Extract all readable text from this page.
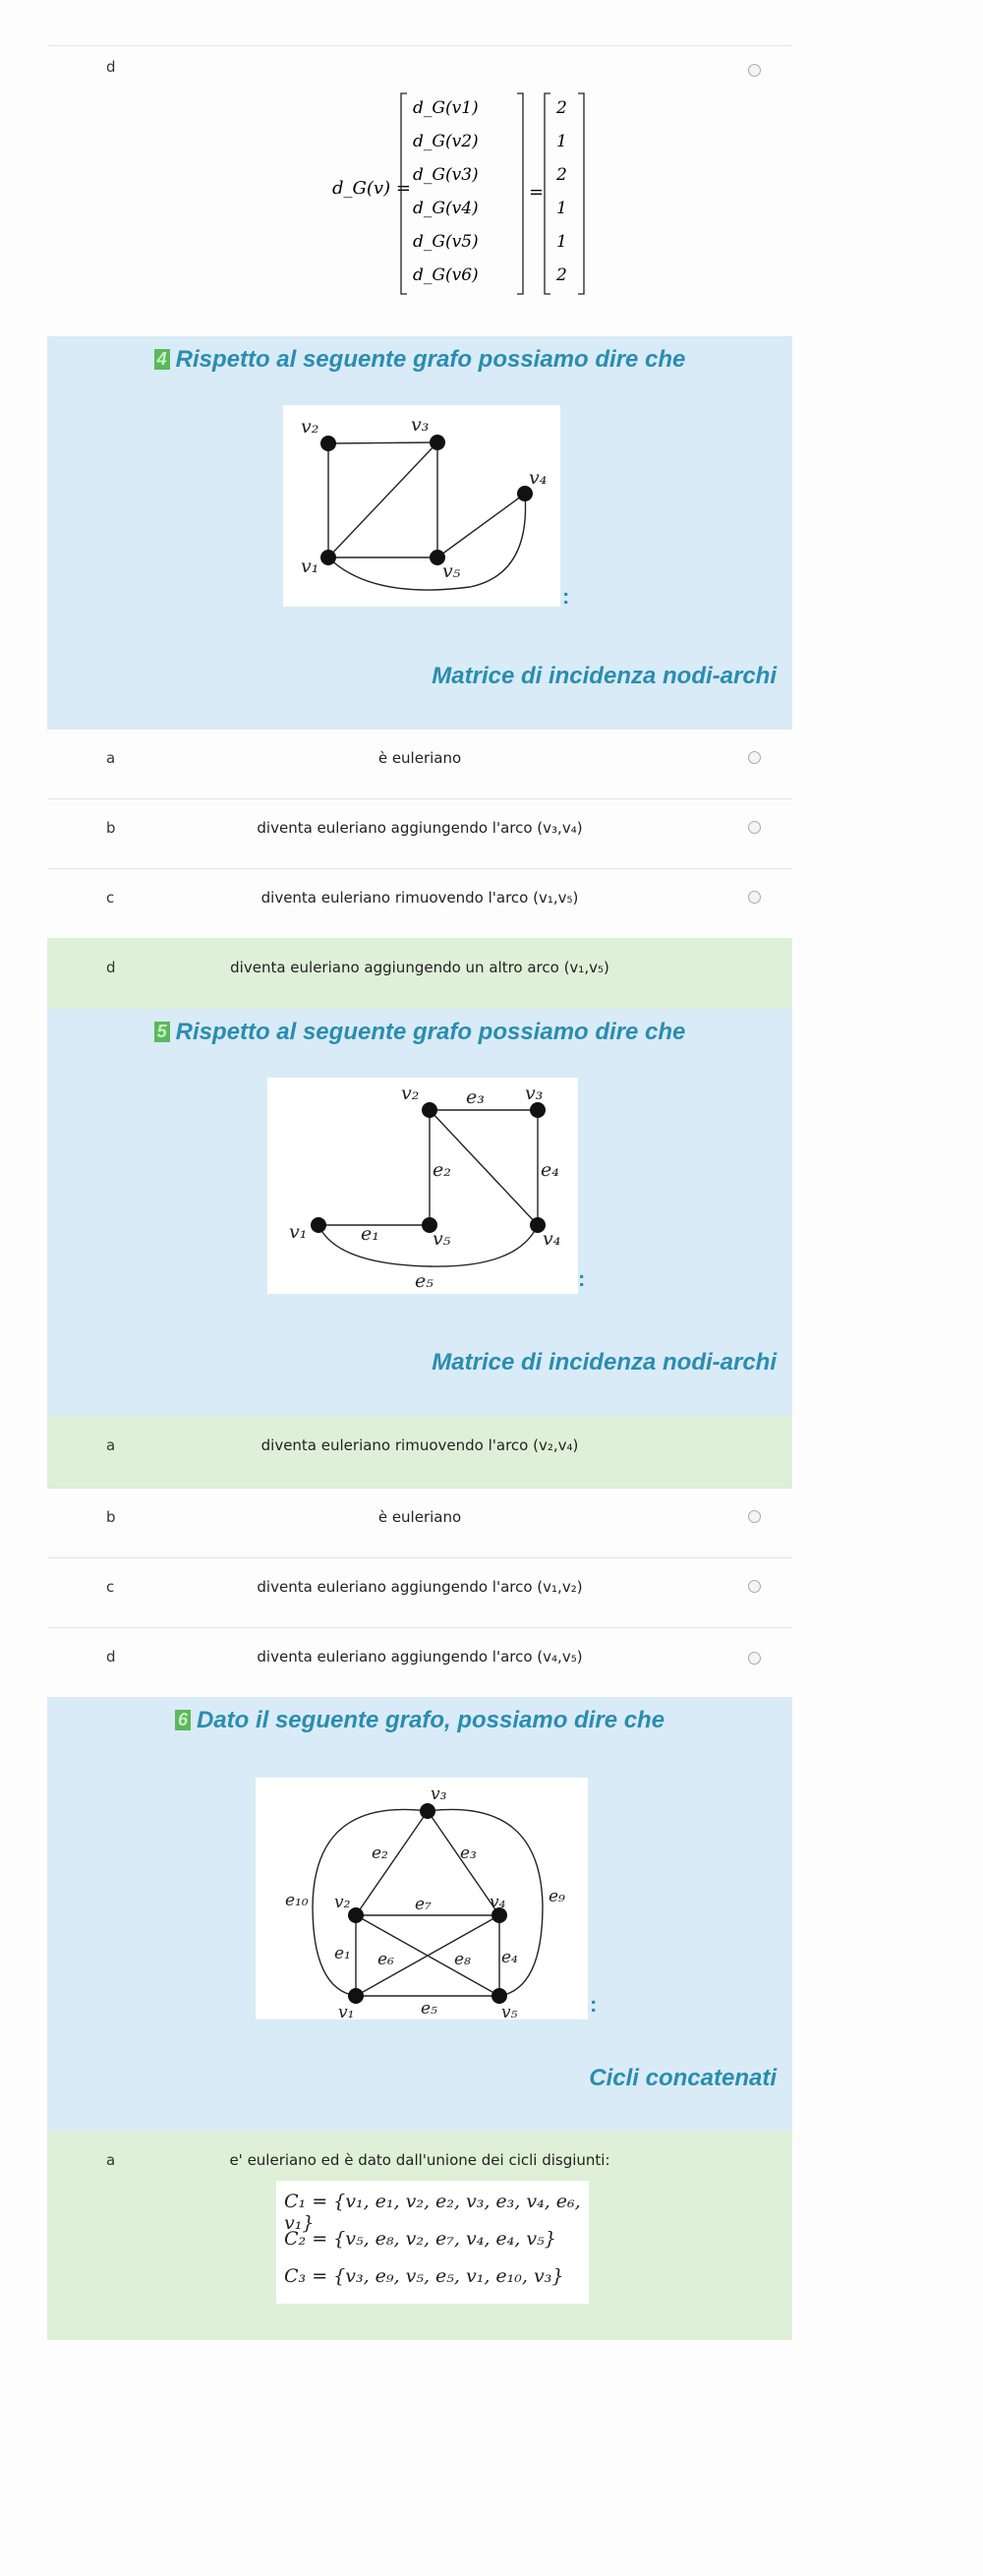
d
d_G(v) =
d_G(v1)
d_G(v2)
d_G(v3)
d_G(v4)
d_G(v5)
d_G(v6)
=
2
1
2
1
1
2
4 Rispetto al seguente grafo possiamo dire che
v₂	v₃
v₄
v₁	v₅
:
Matrice di incidenza nodi-archi
a	è euleriano
b	diventa euleriano aggiungendo l'arco (v₃,v₄)
c	diventa euleriano rimuovendo l'arco (v₁,v₅)
d	diventa euleriano aggiungendo un altro arco (v₁,v₅)
5 Rispetto al seguente grafo possiamo dire che
v₂	v₃
v₁	v₅	v₄
e₃
e₂	e₄
e₁
e₅	:
Matrice di incidenza nodi-archi
a	diventa euleriano rimuovendo l'arco (v₂,v₄)
b	è euleriano
c	diventa euleriano aggiungendo l'arco (v₁,v₂)
d	diventa euleriano aggiungendo l'arco (v₄,v₅)
6 Dato il seguente grafo, possiamo dire che
v₃
v₂	v₄
v₁	v₅
e₂	e₃
e₇
e₁ e₆	e₈ e₄
e₅
e₁₀	e₉
:
Cicli concatenati
a	e' euleriano ed è dato dall'unione dei cicli disgiunti:
C₁ = {v₁, e₁, v₂, e₂, v₃, e₃, v₄, e₆, v₁}
C₂ = {v₅, e₈, v₂, e₇, v₄, e₄, v₅}
C₃ = {v₃, e₉, v₅, e₅, v₁, e₁₀, v₃}
